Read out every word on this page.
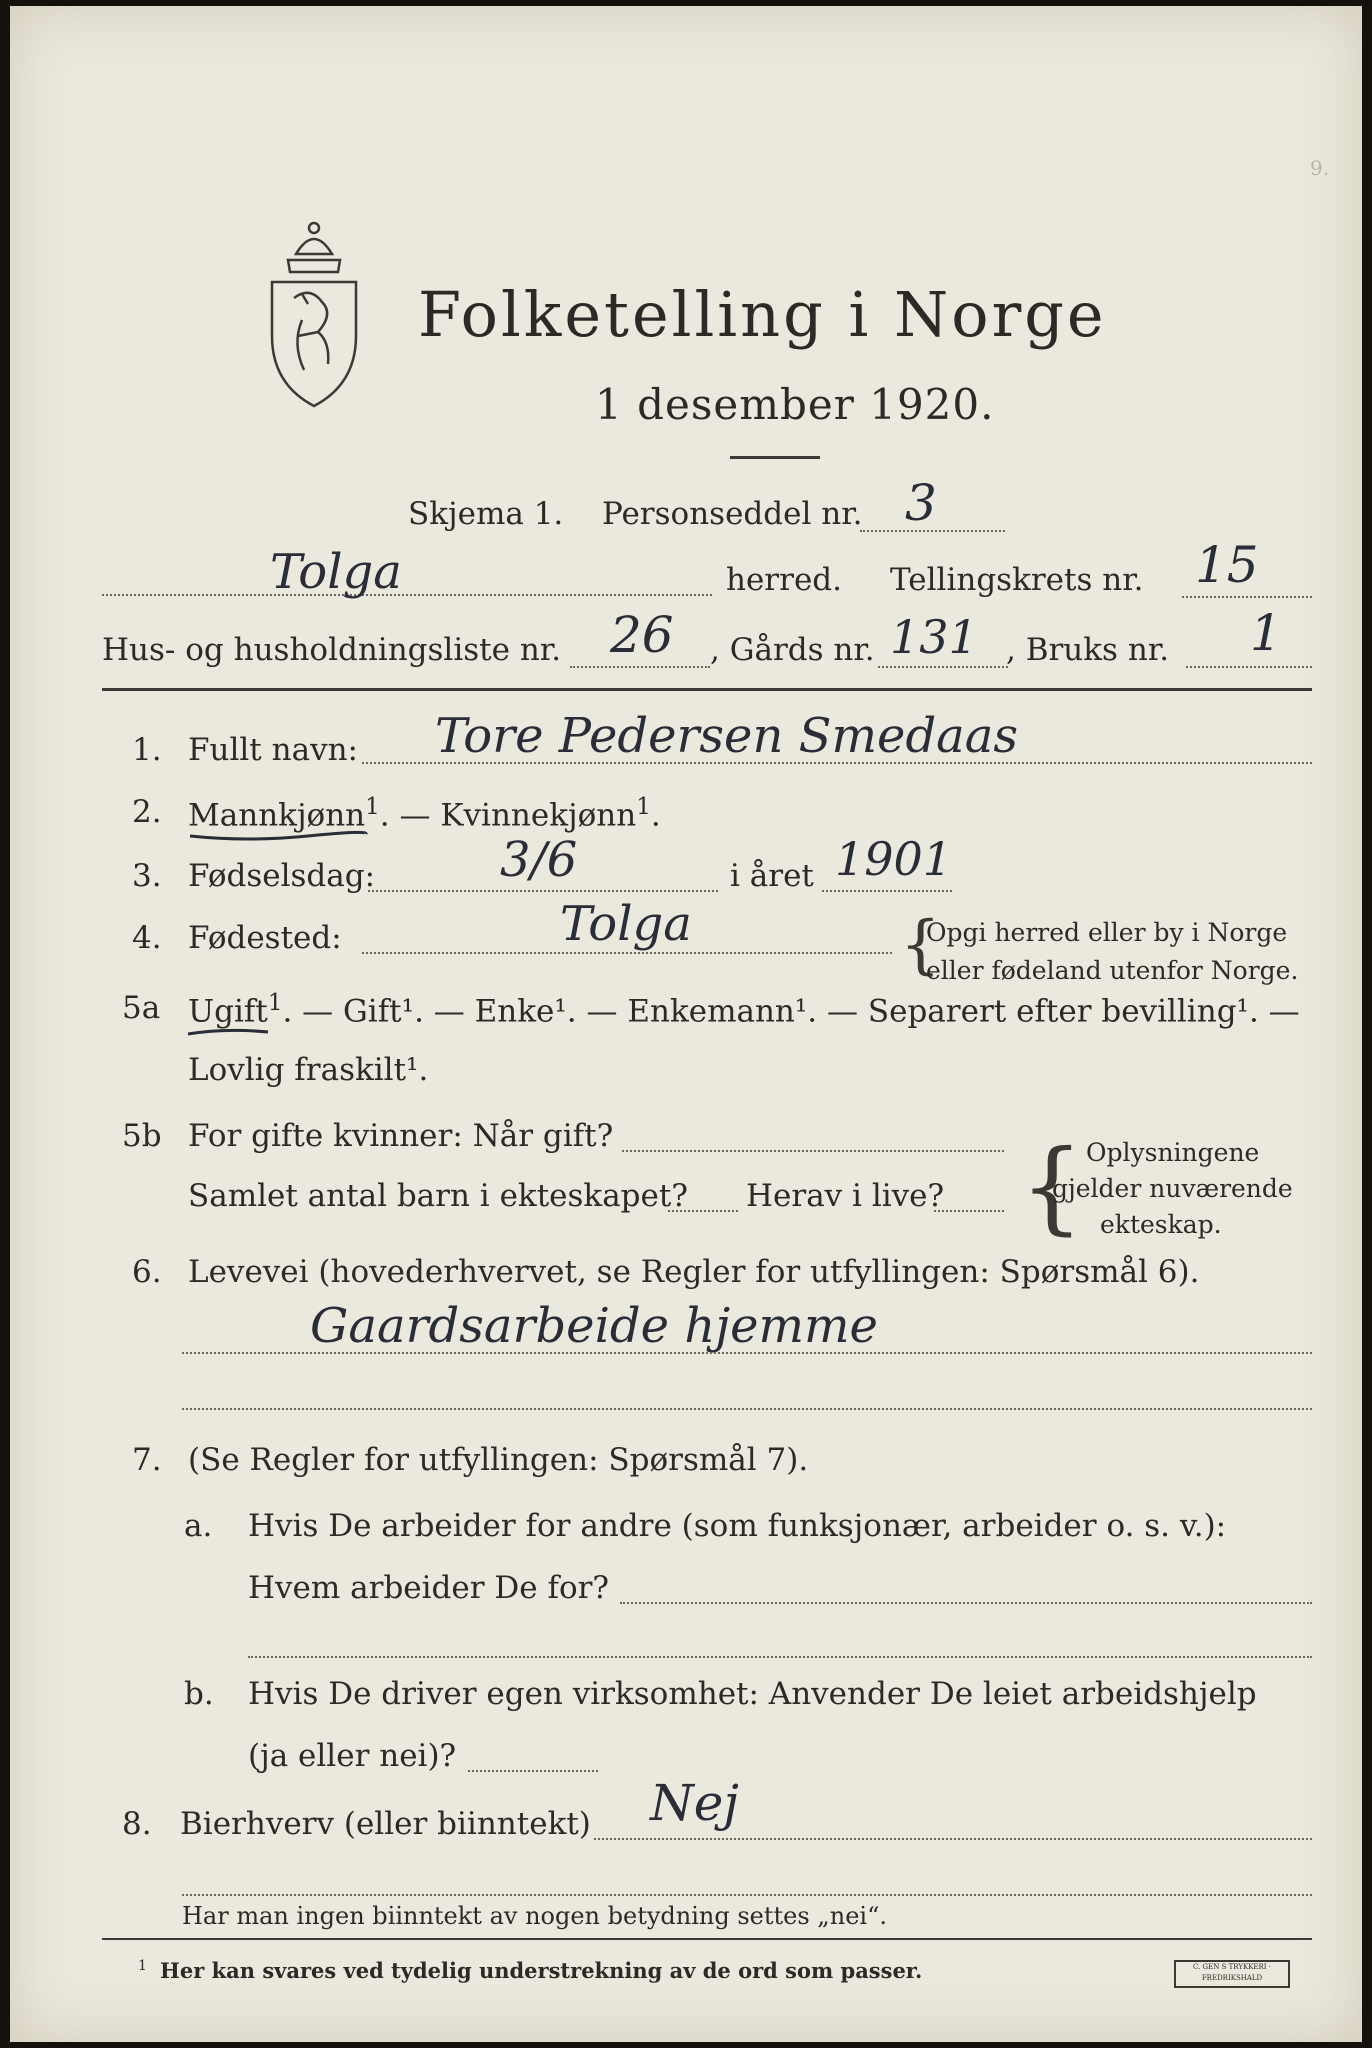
9.
Folketelling i Norge
1 desember 1920.
Skjema 1. Personseddel nr. 3
Tolga	herred. Tellingskrets nr. 15
Hus- og husholdningsliste nr. 26 , Gårds nr. 131 , Bruks nr. 1
1. Fullt navn: Tore Pedersen Smedaas
2. Mannkjønn$^1$. — Kvinnekjønn$^1$.
3. Fødselsdag:	3/6	i året 1901
4. Fødested:	Tolga	{
Opgi herred eller by i Norge
eller fødeland utenfor Norge.
5a Ugift$^1$. — Gift¹. — Enke¹. — Enkemann¹. — Separert efter bevilling¹. —
Lovlig fraskilt¹.
5b For gifte kvinner: Når gift?
Samlet antal barn i ekteskapet? Herav i live? { Oplysningene
gjelder nuværende
ekteskap.
6. Levevei (hovederhvervet, se Regler for utfyllingen: Spørsmål 6).
Gaardsarbeide hjemme
7. (Se Regler for utfyllingen: Spørsmål 7).
a. Hvis De arbeider for andre (som funksjonær, arbeider o. s. v.):
Hvem arbeider De for?
b. Hvis De driver egen virksomhet: Anvender De leiet arbeidshjelp
(ja eller nei)?
8. Bierhverv (eller biinntekt) Nej
Har man ingen biinntekt av nogen betydning settes „nei“.
1 Her kan svares ved tydelig understrekning av de ord som passer.	C. GEN S TRYKKERI · FREDRIKSHALD
